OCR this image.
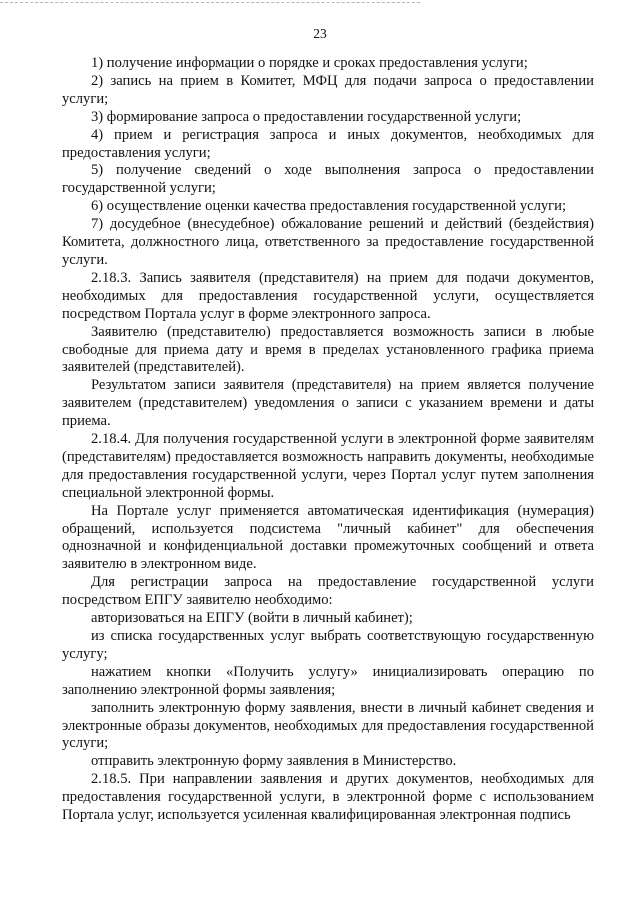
23

1) получение информации о порядке и сроках предоставления услуги;

2) запись на прием в Комитет, МФЦ для подачи запроса о предоставлении услуги;

3) формирование запроса о предоставлении государственной услуги;

4) прием и регистрация запроса и иных документов, необходимых для предоставления услуги;

5) получение сведений о ходе выполнения запроса о предоставлении государственной услуги;

6) осуществление оценки качества предоставления государственной услуги;

7) досудебное (внесудебное) обжалование решений и действий (бездействия) Комитета, должностного лица, ответственного за предоставление государственной услуги.

2.18.3. Запись заявителя (представителя) на прием для подачи документов, необходимых для предоставления государственной услуги, осуществляется посредством Портала услуг в форме электронного запроса.

Заявителю (представителю) предоставляется возможность записи в любые свободные для приема дату и время в пределах установленного графика приема заявителей (представителей).

Результатом записи заявителя (представителя) на прием является получение заявителем (представителем) уведомления о записи с указанием времени и даты приема.

2.18.4. Для получения государственной услуги в электронной форме заявителям (представителям) предоставляется возможность направить документы, необходимые для предоставления государственной услуги, через Портал услуг путем заполнения специальной электронной формы.

На Портале услуг применяется автоматическая идентификация (нумерация) обращений, используется подсистема "личный кабинет" для обеспечения однозначной и конфиденциальной доставки промежуточных сообщений и ответа заявителю в электронном виде.

Для регистрации запроса на предоставление государственной услуги посредством ЕПГУ заявителю необходимо:

авторизоваться на ЕПГУ (войти в личный кабинет);

из списка государственных услуг выбрать соответствующую государственную услугу;

нажатием кнопки «Получить услугу» инициализировать операцию по заполнению электронной формы заявления;

заполнить электронную форму заявления, внести в личный кабинет сведения и электронные образы документов, необходимых для предоставления государственной услуги;

отправить электронную форму заявления в Министерство.

2.18.5. При направлении заявления и других документов, необходимых для предоставления государственной услуги, в электронной форме с использованием Портала услуг, используется усиленная квалифицированная электронная подпись
